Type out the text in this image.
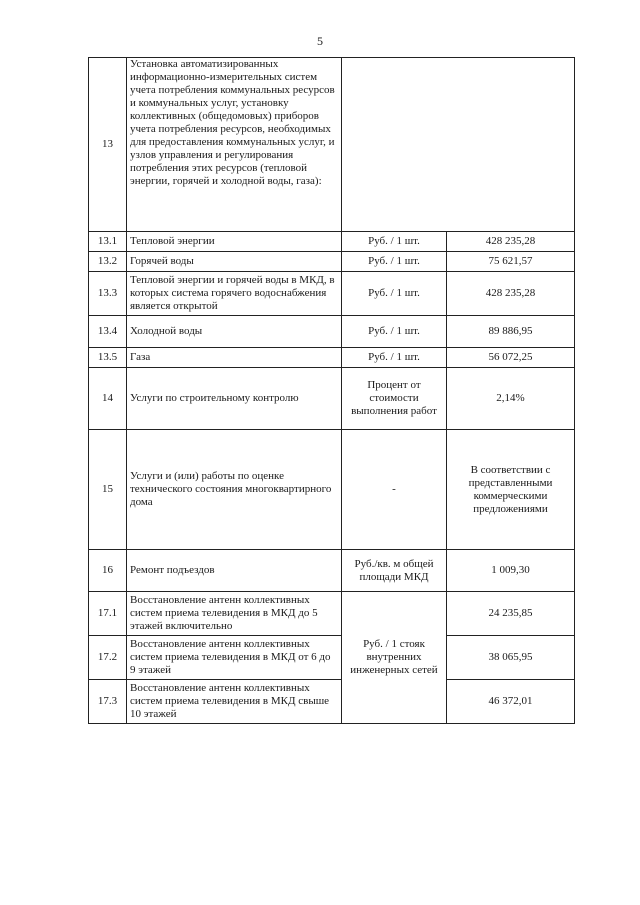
5
13	Установка автоматизированных информационно-измерительных систем учета потребления коммунальных ресурсов и коммунальных услуг, установку коллективных (общедомовых) приборов учета потребления ресурсов, необходимых для предоставления коммунальных услуг, и узлов управления и регулирования потребления этих ресурсов (тепловой энергии, горячей и холодной воды, газа):		
13.1	Тепловой энергии	Руб. / 1 шт.	428 235,28
13.2	Горячей воды	Руб. / 1 шт.	75 621,57
13.3	Тепловой энергии и горячей воды в МКД, в которых система горячего водоснабжения является открытой	Руб. / 1 шт.	428 235,28
13.4	Холодной воды	Руб. / 1 шт.	89 886,95
13.5	Газа	Руб. / 1 шт.	56 072,25
14	Услуги по строительному контролю	Процент от стоимости выполнения работ	2,14%
15	Услуги и (или) работы по оценке технического состояния многоквартирного дома	-	В соответствии с представленными коммерческими предложениями
16	Ремонт подъездов	Руб./кв. м общей площади МКД	1 009,30
17.1	Восстановление антенн коллективных систем приема телевидения в МКД до 5 этажей включительно	Руб. / 1 стояк внутренних инженерных сетей	24 235,85
17.2	Восстановление антенн коллективных систем приема телевидения в МКД от 6 до 9 этажей		38 065,95
17.3	Восстановление антенн коллективных систем приема телевидения в МКД свыше 10 этажей		46 372,01
